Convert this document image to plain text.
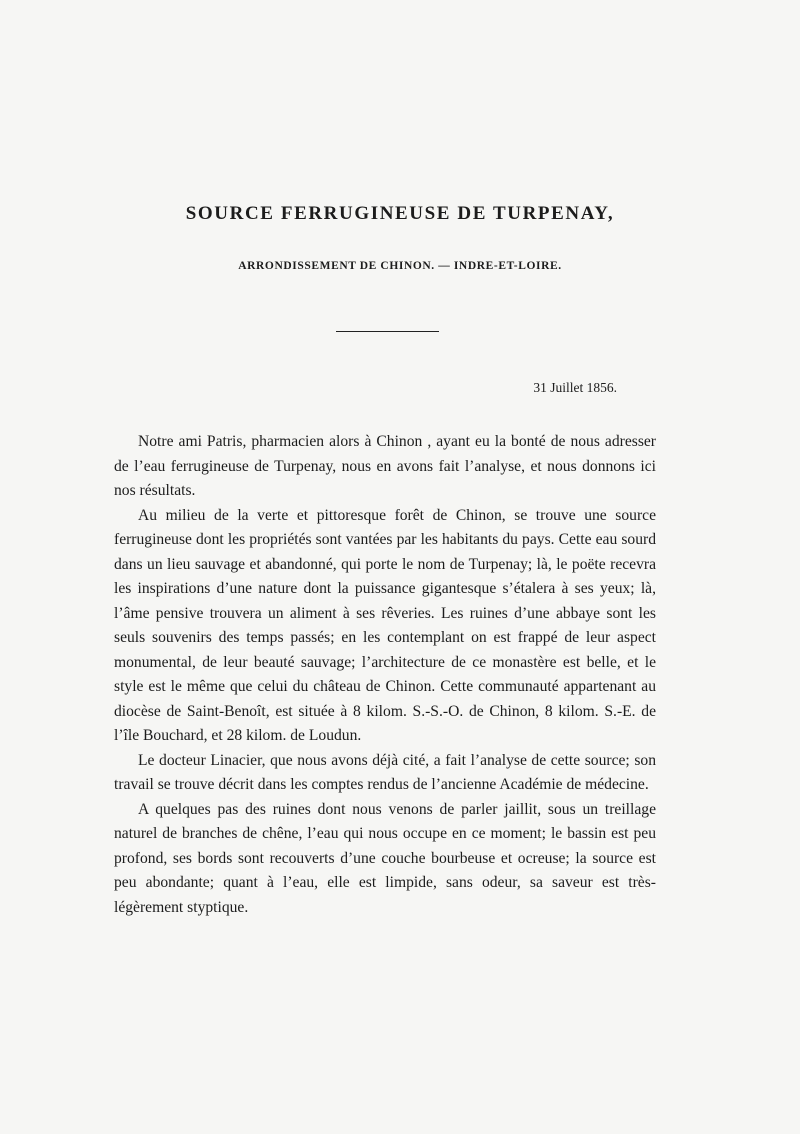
SOURCE FERRUGINEUSE DE TURPENAY,
ARRONDISSEMENT DE CHINON. — INDRE-ET-LOIRE.

31 Juillet 1856.

Notre ami Patris, pharmacien alors à Chinon , ayant eu la bonté de nous adresser de l’eau ferrugineuse de Turpenay, nous en avons fait l’analyse, et nous donnons ici nos résultats.

Au milieu de la verte et pittoresque forêt de Chinon, se trouve une source ferrugineuse dont les propriétés sont vantées par les habitants du pays. Cette eau sourd dans un lieu sauvage et abandonné, qui porte le nom de Turpenay; là, le poëte recevra les inspirations d’une nature dont la puissance gigantesque s’étalera à ses yeux; là, l’âme pensive trouvera un aliment à ses rêveries. Les ruines d’une abbaye sont les seuls souvenirs des temps passés; en les contemplant on est frappé de leur aspect monumental, de leur beauté sauvage; l’architecture de ce monastère est belle, et le style est le même que celui du château de Chinon. Cette communauté appartenant au diocèse de Saint-Benoît, est située à 8 kilom. S.-S.-O. de Chinon, 8 kilom. S.-E. de l’île Bouchard, et 28 kilom. de Loudun.

Le docteur Linacier, que nous avons déjà cité, a fait l’analyse de cette source; son travail se trouve décrit dans les comptes rendus de l’ancienne Académie de médecine.

A quelques pas des ruines dont nous venons de parler jaillit, sous un treillage naturel de branches de chêne, l’eau qui nous occupe en ce moment; le bassin est peu profond, ses bords sont recouverts d’une couche bourbeuse et ocreuse; la source est peu abondante; quant à l’eau, elle est limpide, sans odeur, sa saveur est très-légèrement styptique.
